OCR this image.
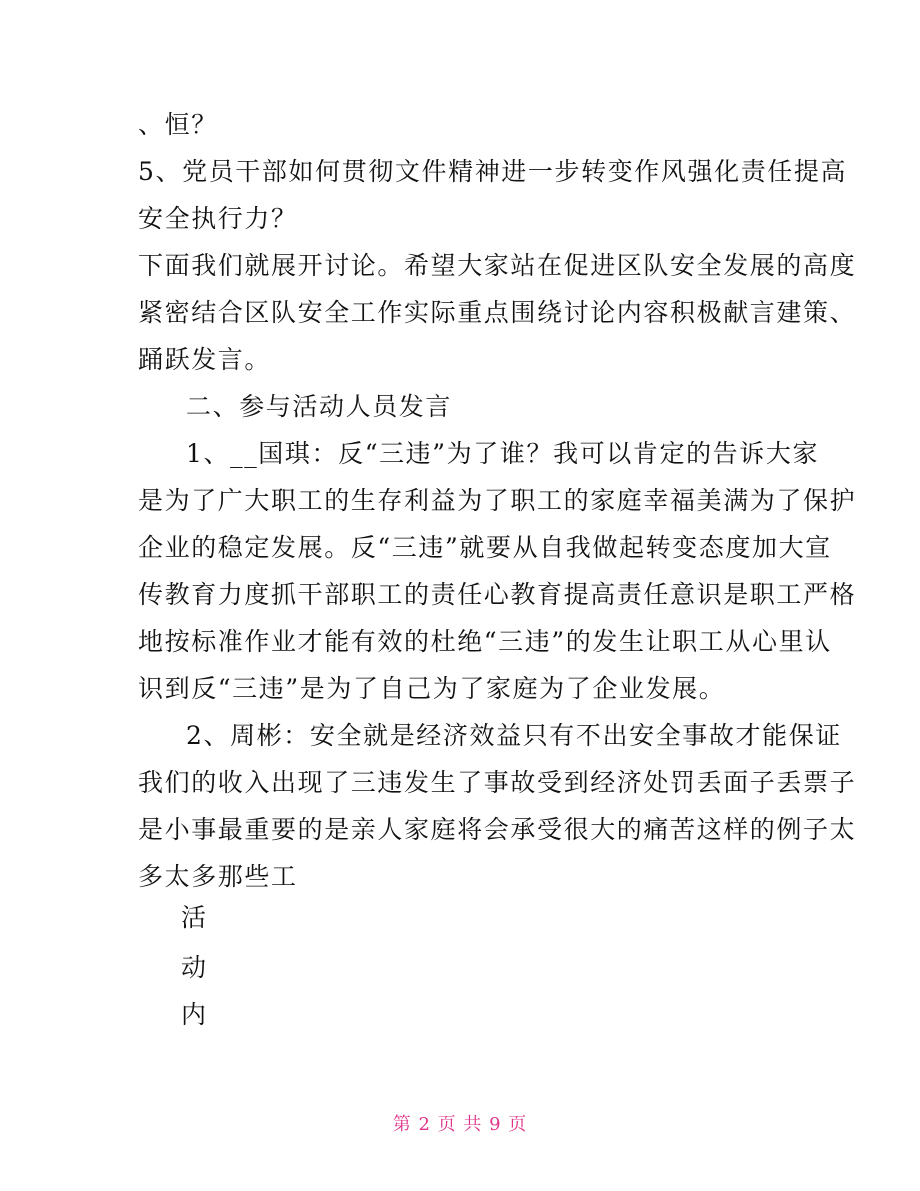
、恒？
5、党员干部如何贯彻文件精神进一步转变作风强化责任提高
安全执行力？
下面我们就展开讨论。希望大家站在促进区队安全发展的高度
紧密结合区队安全工作实际重点围绕讨论内容积极献言建策、
踊跃发言。
二、参与活动人员发言
1、__国琪：反“三违”为了谁？我可以肯定的告诉大家
是为了广大职工的生存利益为了职工的家庭幸福美满为了保护
企业的稳定发展。反“三违”就要从自我做起转变态度加大宣
传教育力度抓干部职工的责任心教育提高责任意识是职工严格
地按标准作业才能有效的杜绝“三违”的发生让职工从心里认
识到反“三违”是为了自己为了家庭为了企业发展。
2、周彬：安全就是经济效益只有不出安全事故才能保证
我们的收入出现了三违发生了事故受到经济处罚丢面子丢票子
是小事最重要的是亲人家庭将会承受很大的痛苦这样的例子太
多太多那些工
活
动
内
第 2 页 共 9 页
